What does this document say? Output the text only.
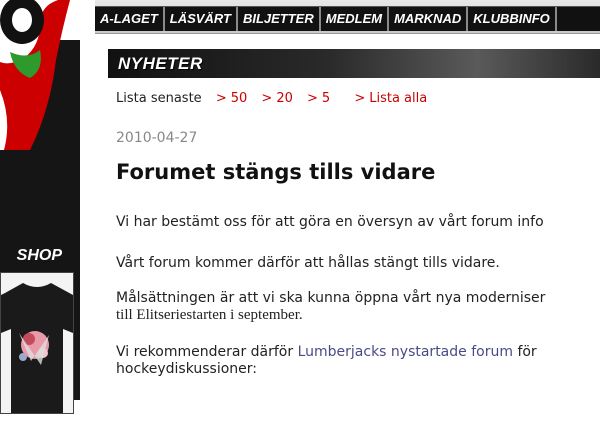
A-LAGET LÄSVÄRT BILJETTER MEDLEM MARKNAD KLUBBINFO
SHOP
»»
NYHETER
Lista senaste > 50 > 20 > 5 > Lista alla
2010-04-27
Forumet stängs tills vidare

Vi har bestämt oss för att göra en översyn av vårt forum info

Vårt forum kommer därför att hållas stängt tills vidare.

Målsättningen är att vi ska kunna öppna vårt nya moderniser
till Elitseriestarten i september.

Vi rekommenderar därför Lumberjacks nystartade forum för
hockeydiskussioner:
